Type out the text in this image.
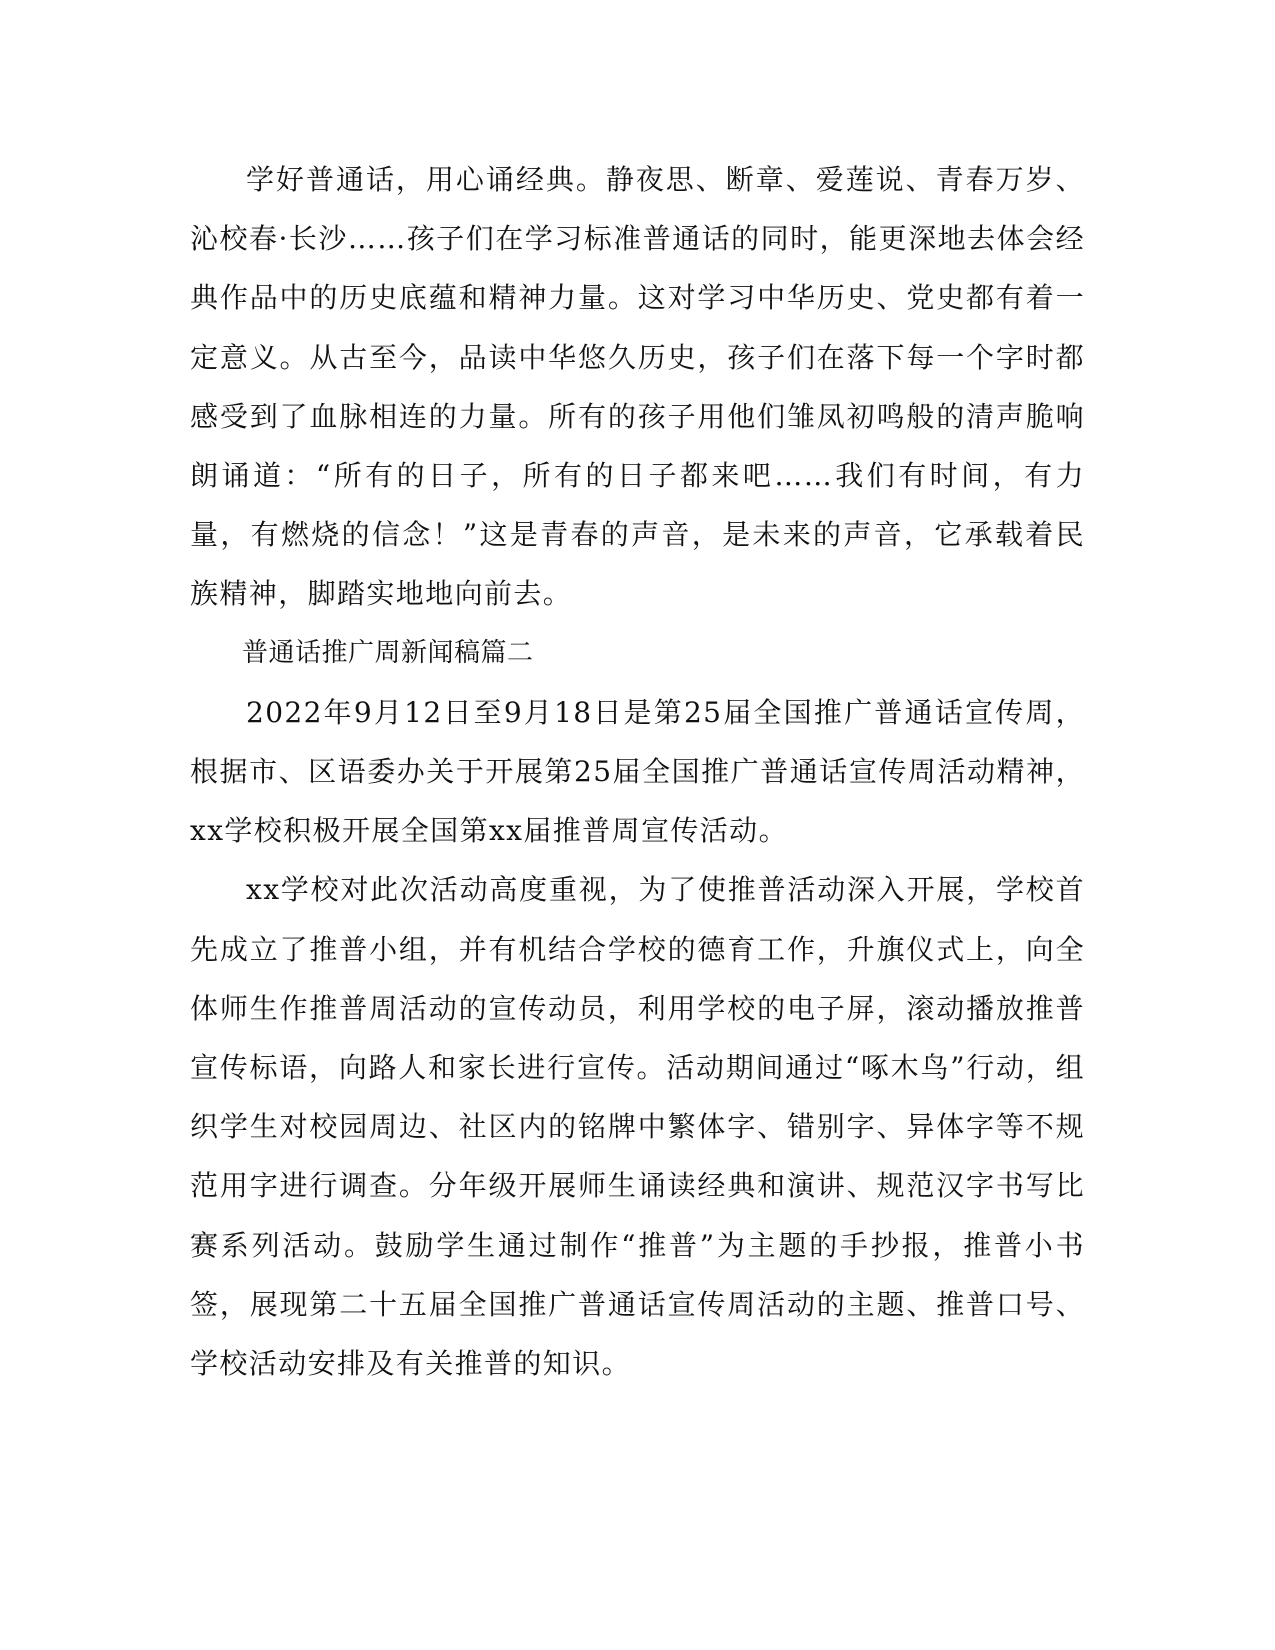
学好普通话，用心诵经典。静夜思、断章、爱莲说、青春万岁、沁校春·长沙……孩子们在学习标准普通话的同时，能更深地去体会经典作品中的历史底蕴和精神力量。这对学习中华历史、党史都有着一定意义。从古至今，品读中华悠久历史，孩子们在落下每一个字时都感受到了血脉相连的力量。所有的孩子用他们雏凤初鸣般的清声脆响朗诵道：“所有的日子，所有的日子都来吧……我们有时间，有力量，有燃烧的信念！”这是青春的声音，是未来的声音，它承载着民族精神，脚踏实地地向前去。

普通话推广周新闻稿篇二

2022年9月12日至9月18日是第25届全国推广普通话宣传周，根据市、区语委办关于开展第25届全国推广普通话宣传周活动精神，xx学校积极开展全国第xx届推普周宣传活动。

xx学校对此次活动高度重视，为了使推普活动深入开展，学校首先成立了推普小组，并有机结合学校的德育工作，升旗仪式上，向全体师生作推普周活动的宣传动员，利用学校的电子屏，滚动播放推普宣传标语，向路人和家长进行宣传。活动期间通过“啄木鸟”行动，组织学生对校园周边、社区内的铭牌中繁体字、错别字、异体字等不规范用字进行调查。分年级开展师生诵读经典和演讲、规范汉字书写比赛系列活动。鼓励学生通过制作“推普”为主题的手抄报，推普小书签，展现第二十五届全国推广普通话宣传周活动的主题、推普口号、学校活动安排及有关推普的知识。
